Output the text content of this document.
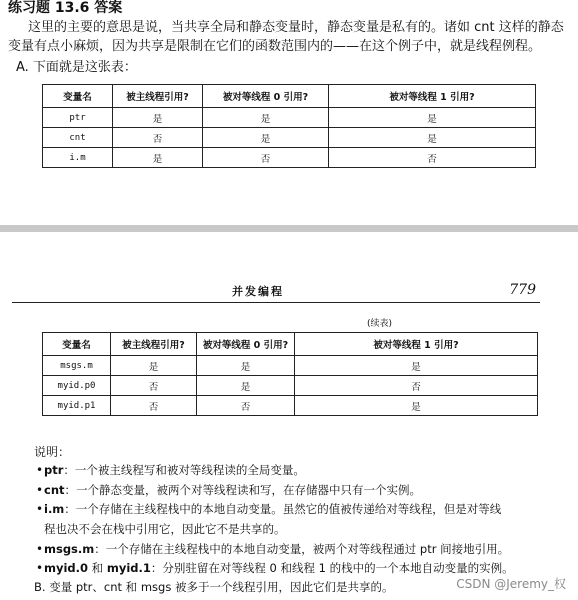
练习题 13.6 答案
这里的主要的意思是说，当共享全局和静态变量时，静态变量是私有的。诸如 cnt 这样的静态
变量有点小麻烦，因为共享是限制在它们的函数范围内的——在这个例子中，就是线程例程。
A. 下面就是这张表：
变量名	被主线程引用?	被对等线程 0 引用?	被对等线程 1 引用?
ptr	是	是	是
cnt	否	是	是
i.m	是	否	否
并发编程	779
(续表)
变量名	被主线程引用?	被对等线程 0 引用?	被对等线程 1 引用?
msgs.m	是	是	是
myid.p0	否	是	否
myid.p1	否	否	是
说明：
• ptr：一个被主线程写和被对等线程读的全局变量。
• cnt：一个静态变量，被两个对等线程读和写，在存储器中只有一个实例。
• i.m：一个存储在主线程栈中的本地自动变量。虽然它的值被传递给对等线程，但是对等线
程也决不会在栈中引用它，因此它不是共享的。
• msgs.m：一个存储在主线程栈中的本地自动变量，被两个对等线程通过 ptr 间接地引用。
• myid.0 和 myid.1：分别驻留在对等线程 0 和线程 1 的栈中的一个本地自动变量的实例。
B. 变量 ptr、cnt 和 msgs 被多于一个线程引用，因此它们是共享的。	CSDN @Jeremy_权
